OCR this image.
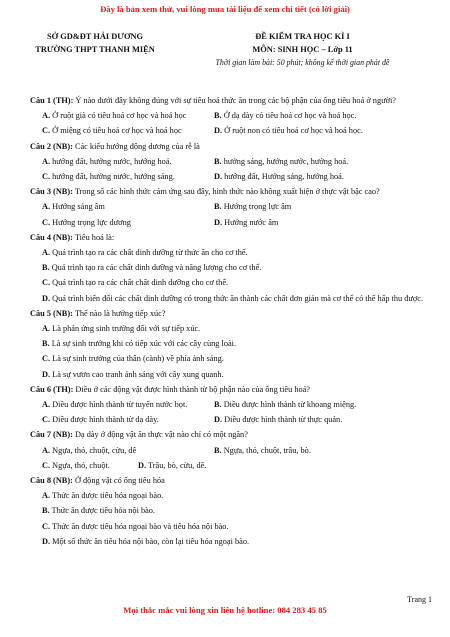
Đây là bản xem thử, vui lòng mua tài liệu để xem chi tiết (có lời giải)
SỞ GD&ĐT HẢI DƯƠNG
TRƯỜNG THPT THANH MIỆN
ĐỀ KIỂM TRA HỌC KÌ I
MÔN: SINH HỌC – Lớp 11
Thời gian làm bài: 50 phút; không kể thời gian phát đề

Câu 1 (TH): Ý nào dưới đây không đúng với sự tiêu hoá thức ăn trong các bộ phận của ống tiêu hoá ở người?

A. Ở ruột già có tiêu hoá cơ học và hoá học	B. Ở dạ dày có tiêu hoá cơ học và hoá học.
C. Ở miệng có tiêu hoá cơ học và hoá học	D. Ở ruột non có tiêu hoá cơ học và hoá học.

Câu 2 (NB): Các kiểu hướng động dương của rễ là

A. hướng đất, hướng nước, hướng hoá.	B. hướng sáng, hướng nước, hướng hoá.
C. hướng đất, hướng nước, hướng sáng.	D. hướng đất, Hướng sáng, hướng hoá.

Câu 3 (NB): Trong số các hình thức cảm ứng sau đây, hình thức nào không xuất hiện ở thực vật bậc cao?

A. Hướng sáng âm	B. Hướng trọng lực âm
C. Hướng trọng lực dương	D. Hướng nước âm

Câu 4 (NB): Tiêu hoá là:

A. Quá trình tạo ra các chất dinh dưỡng từ thức ăn cho cơ thể.
B. Quá trình tạo ra các chất dinh dưỡng và năng lượng cho cơ thể.
C. Quá trình tạo ra các chất chất dinh dưỡng cho cơ thể.
D. Quá trình biến đổi các chất dinh dưỡng có trong thức ăn thành các chất đơn giản mà cơ thể có thể hấp thu được.

Câu 5 (NB): Thế nào là hướng tiếp xúc?

A. Là phản ứng sinh trưởng đối với sự tiếp xúc.
B. Là sự sinh trưởng khi có tiếp xúc với các cây cùng loài.
C. Là sự sinh trưởng của thân (cành) về phía ánh sáng.
D. Là sự vươn cao tranh ánh sáng với cây xung quanh.

Câu 6 (TH): Diều ở các động vật được hình thành từ bộ phận nào của ống tiêu hoá?

A. Diều được hình thành từ tuyến nước bọt.	B. Diều được hình thành từ khoang miệng.
C. Diều được hình thành từ dạ dày.	D. Diều được hình thành từ thực quản.

Câu 7 (NB): Dạ dày ở động vật ăn thực vật nào chỉ có một ngăn?

A. Ngựa, thỏ, chuột, cừu, dê	B. Ngựa, thỏ, chuột, trâu, bò.
C. Ngựa, thỏ, chuột.	D. Trâu, bò, cừu, dê.

Câu 8 (NB): Ở động vật có ống tiêu hóa

A. Thức ăn được tiêu hóa ngoại bào.
B. Thức ăn được tiêu hóa nội bào.
C. Thức ăn được tiêu hóa ngoại bào và tiêu hóa nội bào.
D. Một số thức ăn tiêu hóa nội bào, còn lại tiêu hóa ngoại bào.
Trang 1
Mọi thắc mắc vui lòng xin liên hệ hotline: 084 283 45 85
